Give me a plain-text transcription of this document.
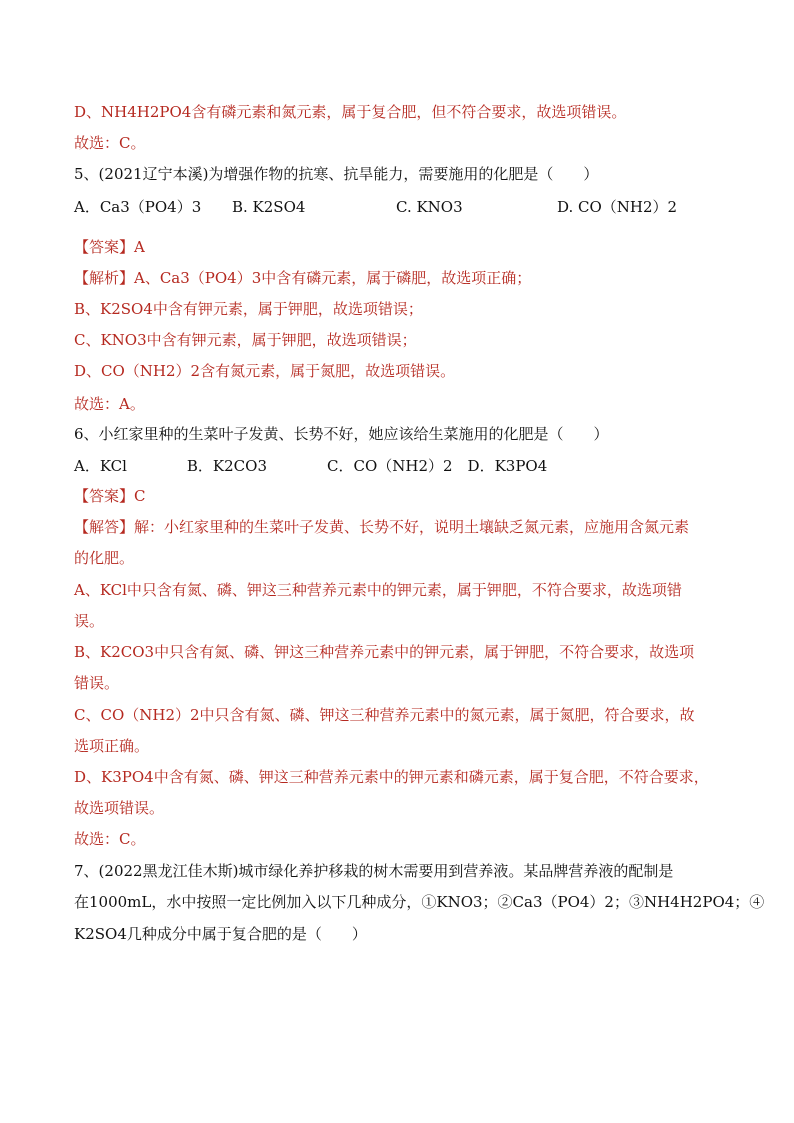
D、NH4H2PO4含有磷元素和氮元素，属于复合肥，但不符合要求，故选项错误。
故选：C。
5、(2021辽宁本溪)为增强作物的抗寒、抗旱能力，需要施用的化肥是（　　）
A．Ca3（PO4）3 B. K2SO4	C. KNO3	D. CO（NH2）2
【答案】A
【解析】A、Ca3（PO4）3中含有磷元素，属于磷肥，故选项正确；
B、K2SO4中含有钾元素，属于钾肥，故选项错误；
C、KNO3中含有钾元素，属于钾肥，故选项错误；
D、CO（NH2）2含有氮元素，属于氮肥，故选项错误。
故选：A。
6、小红家里种的生菜叶子发黄、长势不好，她应该给生菜施用的化肥是（　　）
A．KCl　　　　B．K2CO3　　　　C．CO（NH2）2　D．K3PO4
【答案】C
【解答】解：小红家里种的生菜叶子发黄、长势不好，说明土壤缺乏氮元素，应施用含氮元素
的化肥。
A、KCl中只含有氮、磷、钾这三种营养元素中的钾元素，属于钾肥，不符合要求，故选项错
误。
B、K2CO3中只含有氮、磷、钾这三种营养元素中的钾元素，属于钾肥，不符合要求，故选项
错误。
C、CO（NH2）2中只含有氮、磷、钾这三种营养元素中的氮元素，属于氮肥，符合要求，故
选项正确。
D、K3PO4中含有氮、磷、钾这三种营养元素中的钾元素和磷元素，属于复合肥，不符合要求，
故选项错误。
故选：C。
7、(2022黑龙江佳木斯)城市绿化养护移栽的树木需要用到营养液。某品牌营养液的配制是
在1000mL，水中按照一定比例加入以下几种成分，①KNO3；②Ca3（PO4）2；③NH4H2PO4；④
K2SO4几种成分中属于复合肥的是（　　）
